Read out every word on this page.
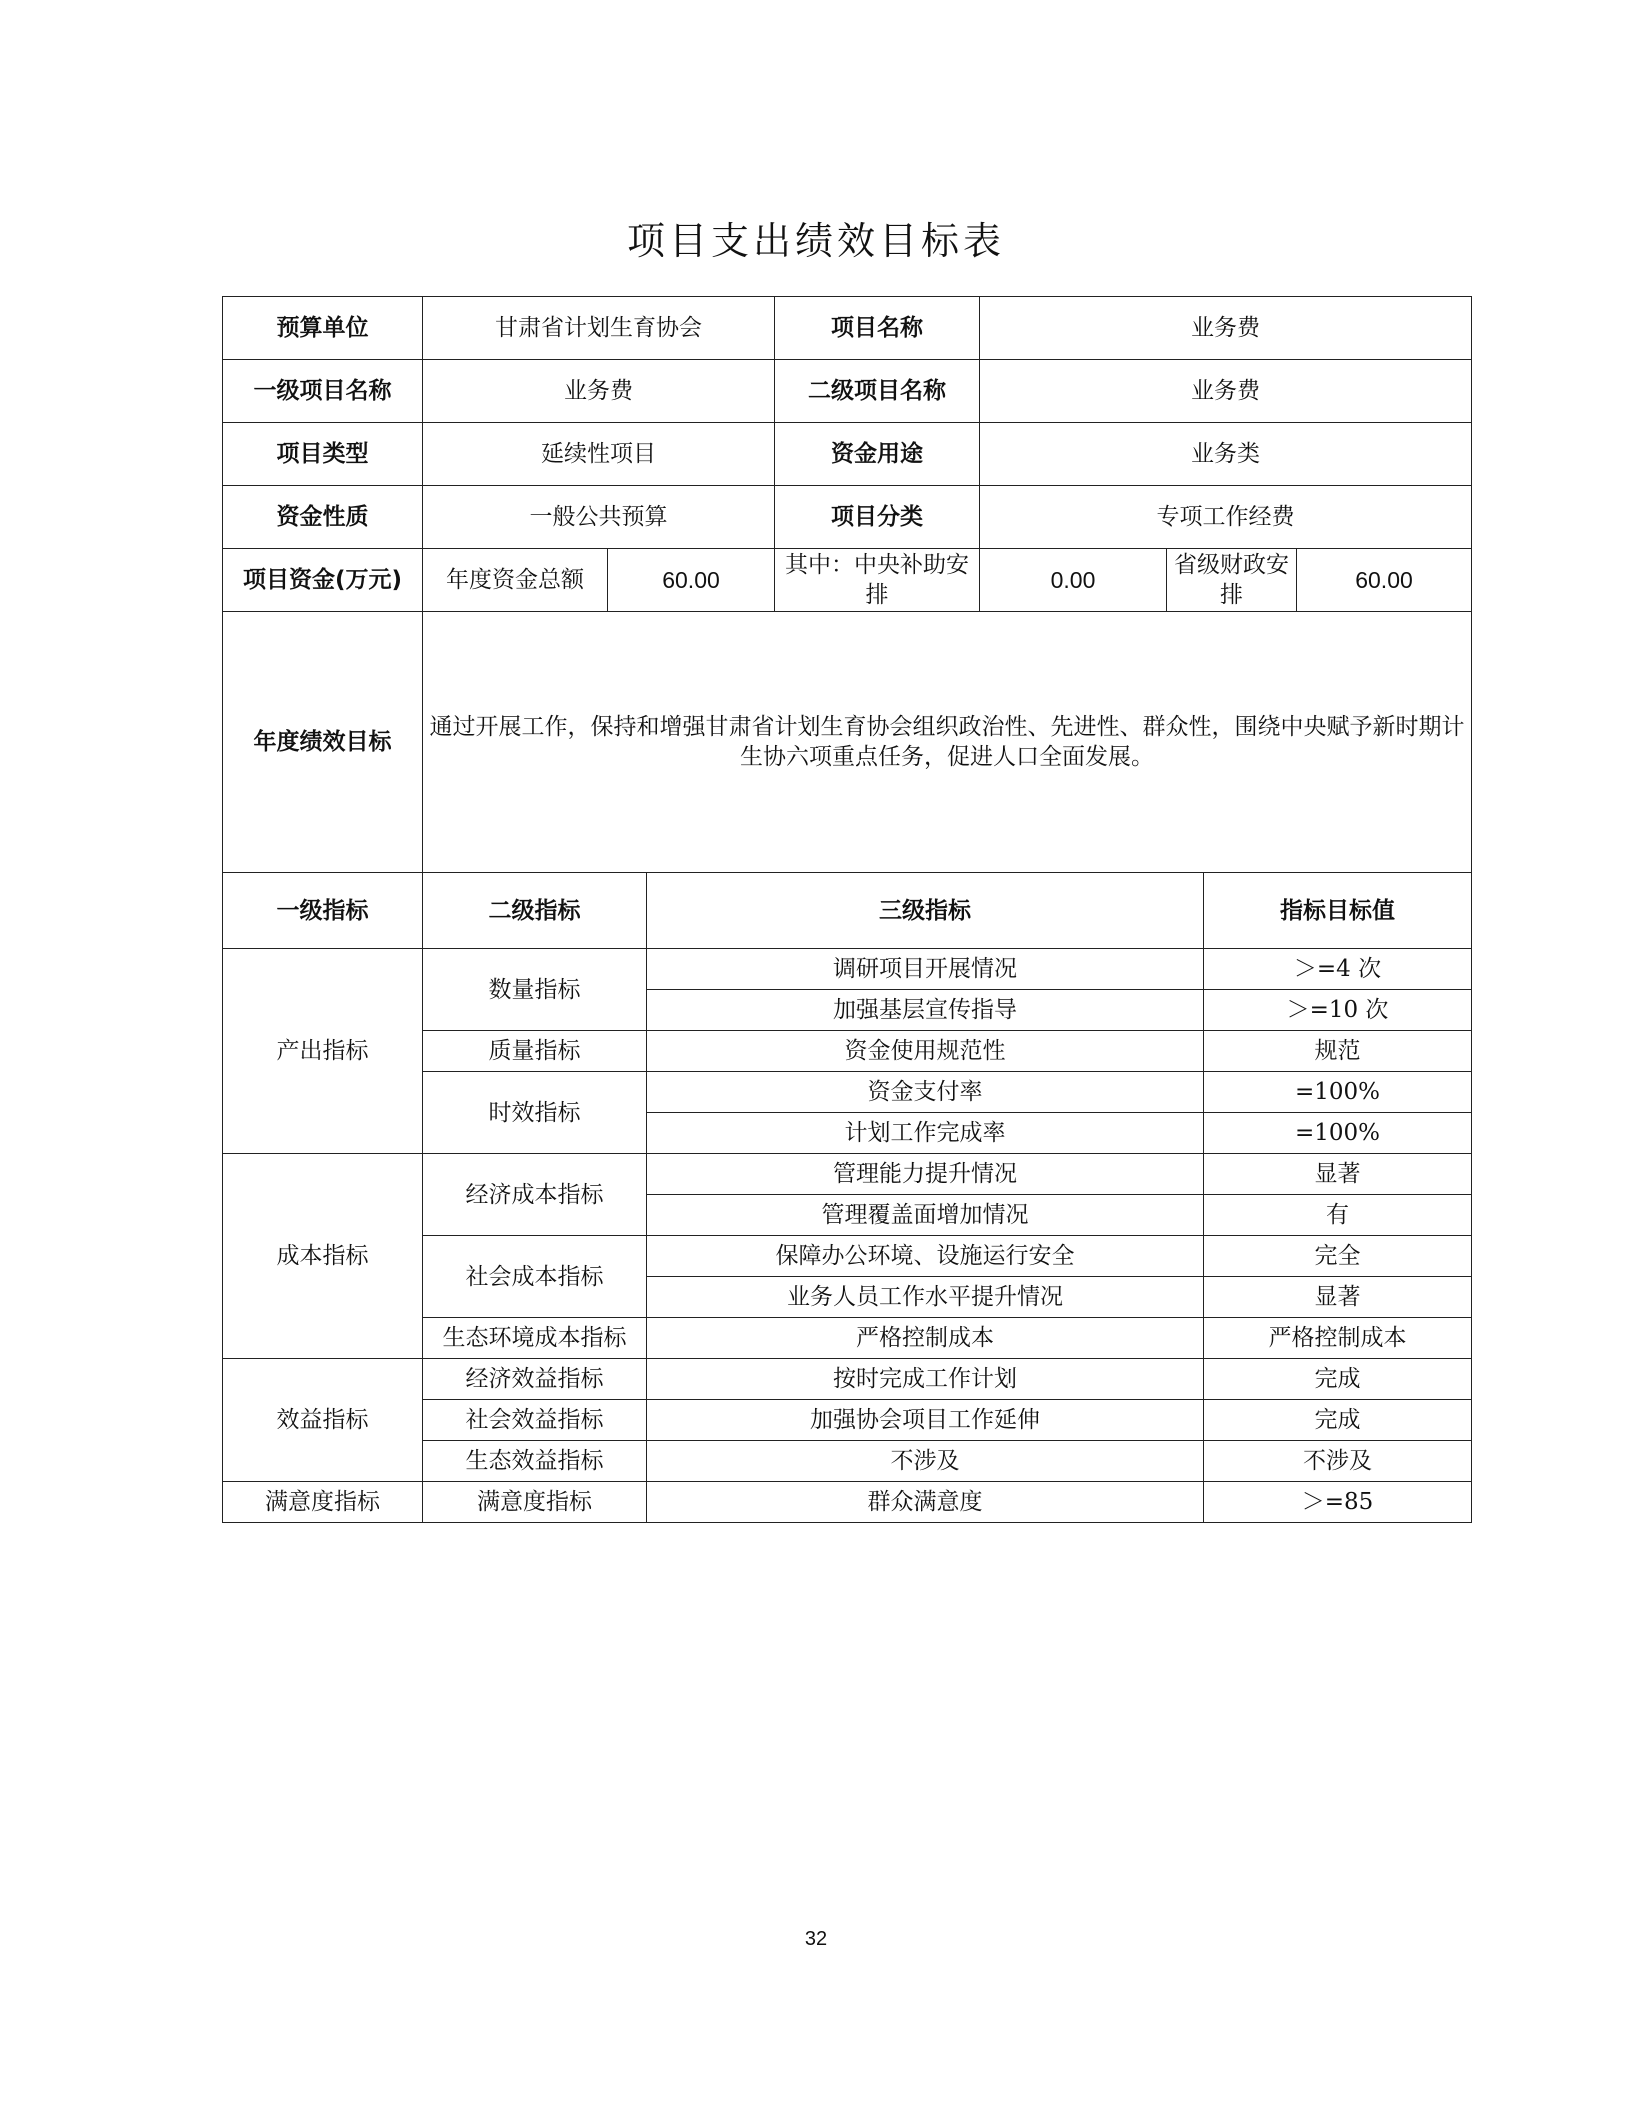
项目支出绩效目标表
预算单位	甘肃省计划生育协会		项目名称	业务费		
一级项目名称	业务费		二级项目名称	业务费		
项目类型	延续性项目		资金用途	业务类		
资金性质	一般公共预算		项目分类	专项工作经费		
项目资金(万元)	年度资金总额	60.00	其中：中央补助安排	0.00	省级财政安排	60.00
年度绩效目标	通过开展工作，保持和增强甘肃省计划生育协会组织政治性、先进性、群众性，围绕中央赋予新时期计生协六项重点任务，促进人口全面发展。					
一级指标	二级指标	三级指标	指标目标值
产出指标	数量指标	调研项目开展情况	＞=4 次
		加强基层宣传指导	＞=10 次
	质量指标	资金使用规范性	规范
	时效指标	资金支付率	=100%
		计划工作完成率	=100%
成本指标	经济成本指标	管理能力提升情况	显著
		管理覆盖面增加情况	有
	社会成本指标	保障办公环境、设施运行安全	完全
		业务人员工作水平提升情况	显著
	生态环境成本指标	严格控制成本	严格控制成本
效益指标	经济效益指标	按时完成工作计划	完成
	社会效益指标	加强协会项目工作延伸	完成
	生态效益指标	不涉及	不涉及
满意度指标	满意度指标	群众满意度	＞=85
32
